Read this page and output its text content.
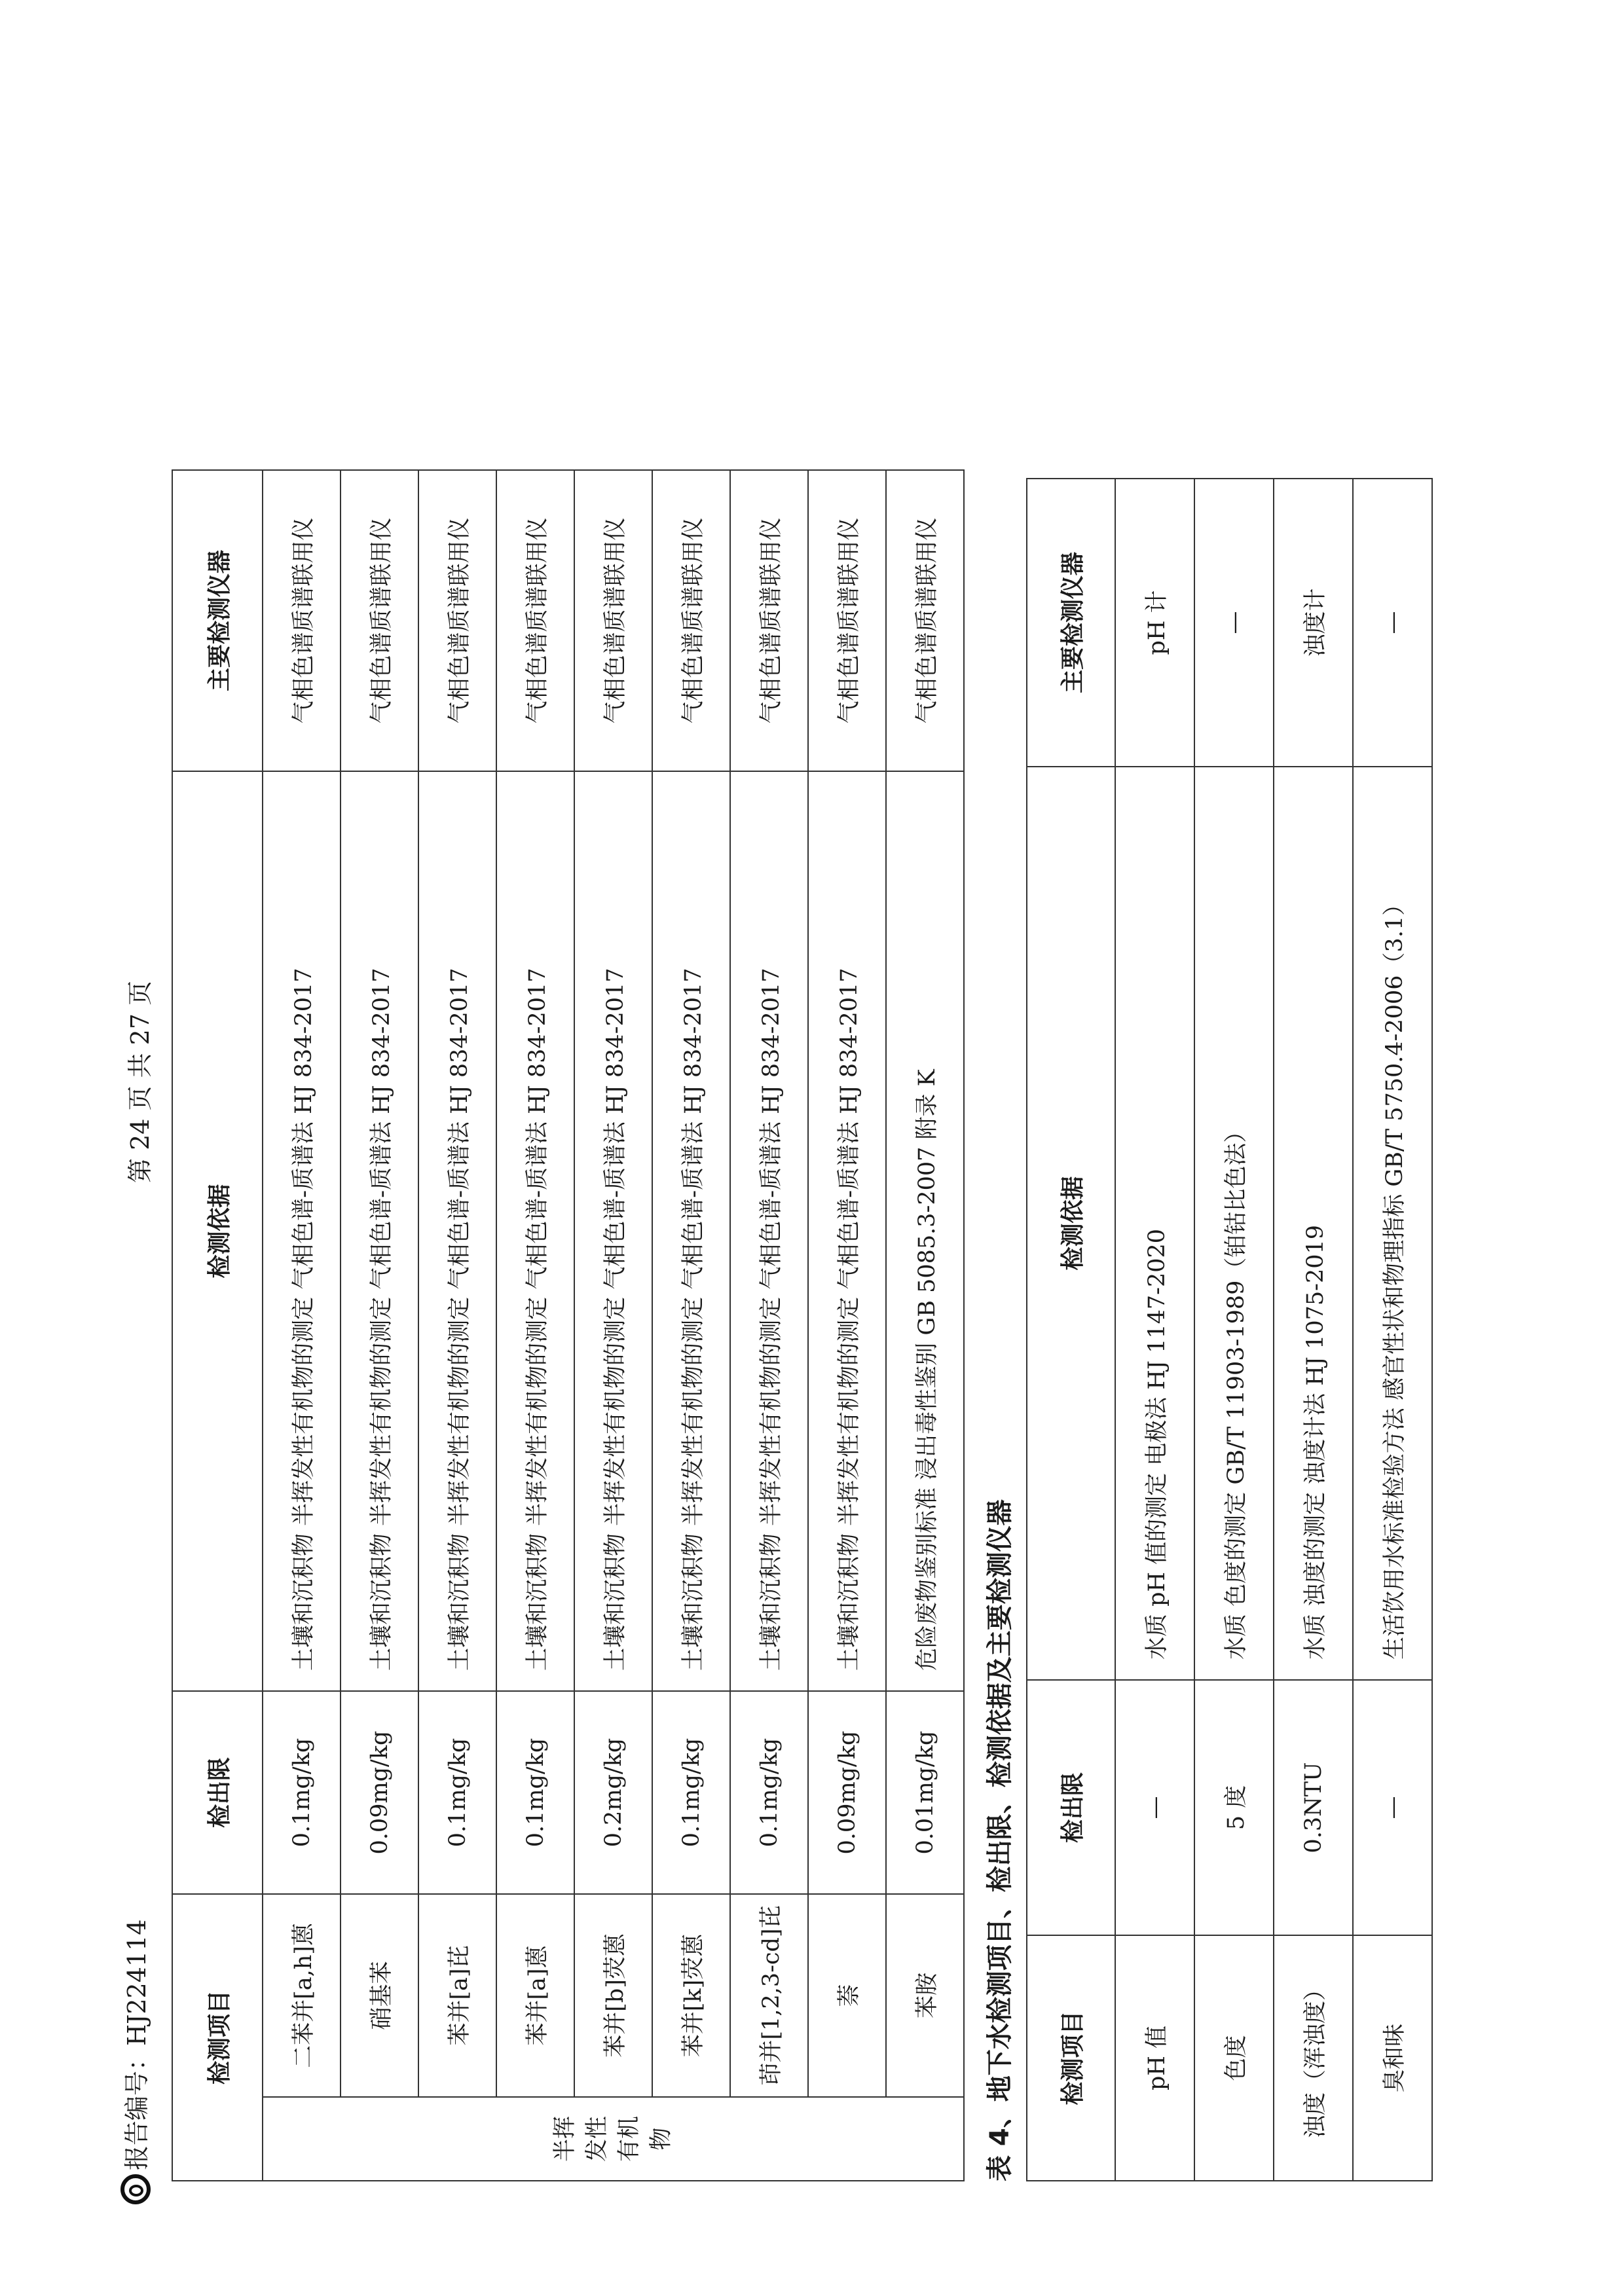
报告编号：HJ224114
第 24 页 共 27 页
检测项目		检出限	检测依据	主要检测仪器

半挥 发性 有机 物	二苯并[a,h]蒽	0.1mg/kg	土壤和沉积物 半挥发性有机物的测定 气相色谱-质谱法 HJ 834-2017	气相色谱质谱联用仪
	硝基苯	0.09mg/kg	土壤和沉积物 半挥发性有机物的测定 气相色谱-质谱法 HJ 834-2017	气相色谱质谱联用仪
	苯并[a]芘	0.1mg/kg	土壤和沉积物 半挥发性有机物的测定 气相色谱-质谱法 HJ 834-2017	气相色谱质谱联用仪
	苯并[a]蒽	0.1mg/kg	土壤和沉积物 半挥发性有机物的测定 气相色谱-质谱法 HJ 834-2017	气相色谱质谱联用仪
	苯并[b]荧蒽	0.2mg/kg	土壤和沉积物 半挥发性有机物的测定 气相色谱-质谱法 HJ 834-2017	气相色谱质谱联用仪
	苯并[k]荧蒽	0.1mg/kg	土壤和沉积物 半挥发性有机物的测定 气相色谱-质谱法 HJ 834-2017	气相色谱质谱联用仪
	茚并[1,2,3-cd]芘	0.1mg/kg	土壤和沉积物 半挥发性有机物的测定 气相色谱-质谱法 HJ 834-2017	气相色谱质谱联用仪
	萘	0.09mg/kg	土壤和沉积物 半挥发性有机物的测定 气相色谱-质谱法 HJ 834-2017	气相色谱质谱联用仪
	苯胺	0.01mg/kg	危险废物鉴别标准 浸出毒性鉴别 GB 5085.3-2007 附录 K	气相色谱质谱联用仪
表 4、地下水检测项目、检出限、检测依据及主要检测仪器 检测项目	检出限	检测依据	主要检测仪器
pH 值	—	水质 pH 值的测定 电极法 HJ 1147-2020	pH 计
色度	5 度	水质 色度的测定 GB/T 11903-1989（铂钴比色法）	—
浊度（浑浊度）	0.3NTU	水质 浊度的测定 浊度计法 HJ 1075-2019	浊度计
臭和味	—	生活饮用水标准检验方法 感官性状和物理指标 GB/T 5750.4-2006（3.1）	—
